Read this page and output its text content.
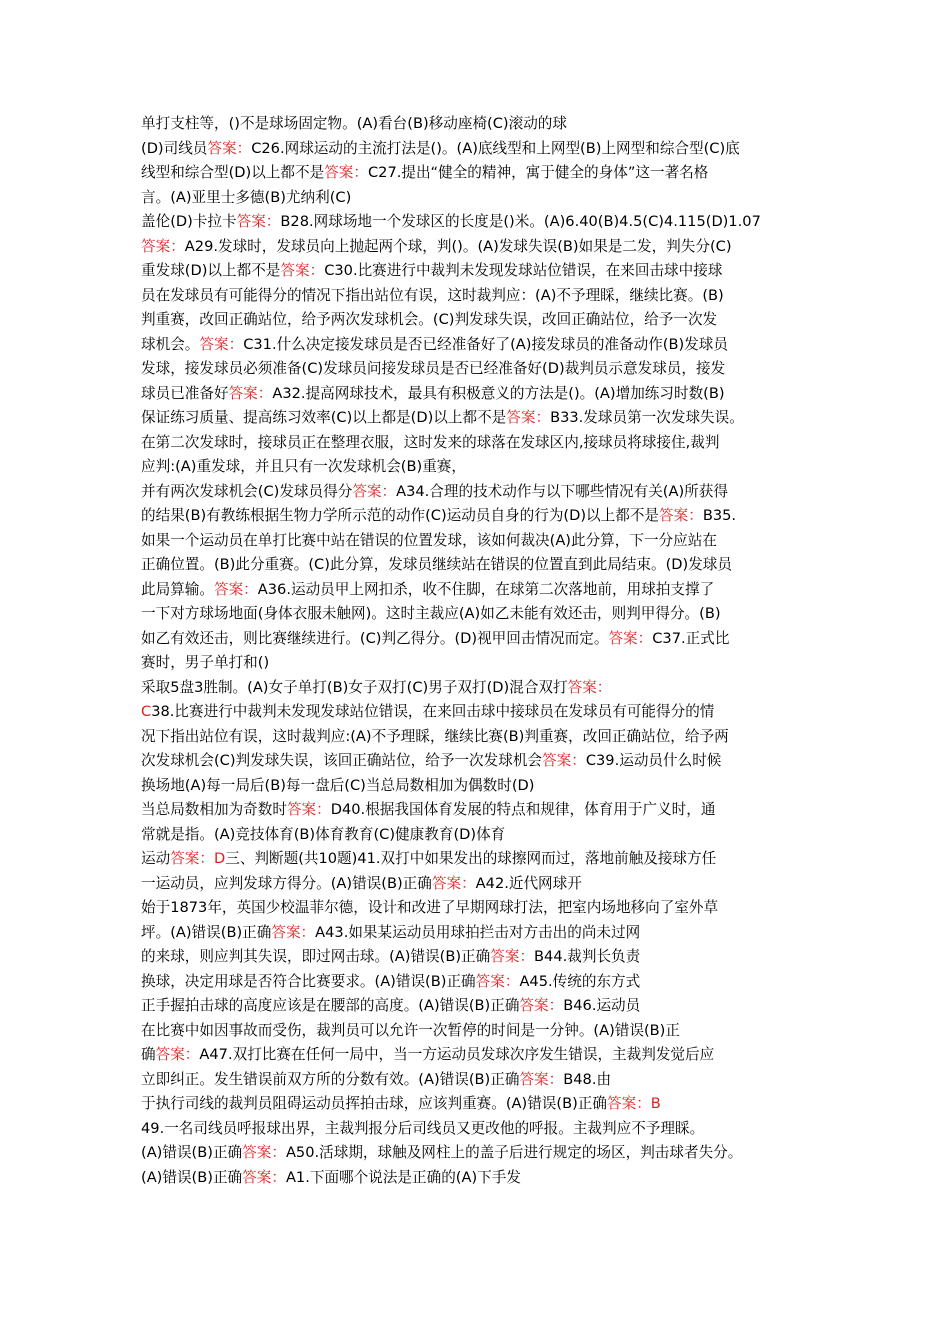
单打支柱等，()不是球场固定物。(A)看台(B)移动座椅(C)滚动的球
(D)司线员答案：C26.网球运动的主流打法是()。(A)底线型和上网型(B)上网型和综合型(C)底
线型和综合型(D)以上都不是答案：C27.提出“健全的精神，寓于健全的身体”这一著名格
言。(A)亚里士多德(B)尤纳利(C)
盖伦(D)卡拉卡答案：B28.网球场地一个发球区的长度是()米。(A)6.40(B)4.5(C)4.115(D)1.07
答案：A29.发球时，发球员向上抛起两个球，判()。(A)发球失误(B)如果是二发，判失分(C)
重发球(D)以上都不是答案：C30.比赛进行中裁判未发现发球站位错误，在来回击球中接球
员在发球员有可能得分的情况下指出站位有误，这时裁判应：(A)不予理睬，继续比赛。(B)
判重赛，改回正确站位，给予两次发球机会。(C)判发球失误，改回正确站位，给予一次发
球机会。答案：C31.什么决定接发球员是否已经准备好了(A)接发球员的准备动作(B)发球员
发球，接发球员必须准备(C)发球员问接发球员是否已经准备好(D)裁判员示意发球员，接发
球员已准备好答案：A32.提高网球技术，最具有积极意义的方法是()。(A)增加练习时数(B)
保证练习质量、提高练习效率(C)以上都是(D)以上都不是答案：B33.发球员第一次发球失误。
在第二次发球时，接球员正在整理衣服，这时发来的球落在发球区内,接球员将球接住,裁判
应判:(A)重发球，并且只有一次发球机会(B)重赛，
并有两次发球机会(C)发球员得分答案：A34.合理的技术动作与以下哪些情况有关(A)所获得
的结果(B)有教练根据生物力学所示范的动作(C)运动员自身的行为(D)以上都不是答案：B35.
如果一个运动员在单打比赛中站在错误的位置发球，该如何裁决(A)此分算，下一分应站在
正确位置。(B)此分重赛。(C)此分算，发球员继续站在错误的位置直到此局结束。(D)发球员
此局算输。答案：A36.运动员甲上网扣杀，收不住脚，在球第二次落地前，用球拍支撑了
一下对方球场地面(身体衣服未触网)。这时主裁应(A)如乙未能有效还击，则判甲得分。(B)
如乙有效还击，则比赛继续进行。(C)判乙得分。(D)视甲回击情况而定。答案：C37.正式比
赛时，男子单打和()
采取5盘3胜制。(A)女子单打(B)女子双打(C)男子双打(D)混合双打答案：
C38.比赛进行中裁判未发现发球站位错误，在来回击球中接球员在发球员有可能得分的情
况下指出站位有误，这时裁判应:(A)不予理睬，继续比赛(B)判重赛，改回正确站位，给予两
次发球机会(C)判发球失误，该回正确站位，给予一次发球机会答案：C39.运动员什么时候
换场地(A)每一局后(B)每一盘后(C)当总局数相加为偶数时(D)
当总局数相加为奇数时答案：D40.根据我国体育发展的特点和规律，体育用于广义时，通
常就是指。(A)竞技体育(B)体育教育(C)健康教育(D)体育
运动答案：D三、判断题(共10题)41.双打中如果发出的球擦网而过，落地前触及接球方任
一运动员，应判发球方得分。(A)错误(B)正确答案：A42.近代网球开
始于1873年，英国少校温菲尔德，设计和改进了早期网球打法，把室内场地移向了室外草
坪。(A)错误(B)正确答案：A43.如果某运动员用球拍拦击对方击出的尚未过网
的来球，则应判其失误，即过网击球。(A)错误(B)正确答案：B44.裁判长负责
换球，决定用球是否符合比赛要求。(A)错误(B)正确答案：A45.传统的东方式
正手握拍击球的高度应该是在腰部的高度。(A)错误(B)正确答案：B46.运动员
在比赛中如因事故而受伤，裁判员可以允许一次暂停的时间是一分钟。(A)错误(B)正
确答案：A47.双打比赛在任何一局中，当一方运动员发球次序发生错误，主裁判发觉后应
立即纠正。发生错误前双方所的分数有效。(A)错误(B)正确答案：B48.由
于执行司线的裁判员阻碍运动员挥拍击球，应该判重赛。(A)错误(B)正确答案：B
49.一名司线员呼报球出界，主裁判报分后司线员又更改他的呼报。主裁判应不予理睬。
(A)错误(B)正确答案：A50.活球期，球触及网柱上的盖子后进行规定的场区，判击球者失分。
(A)错误(B)正确答案：A1.下面哪个说法是正确的(A)下手发
